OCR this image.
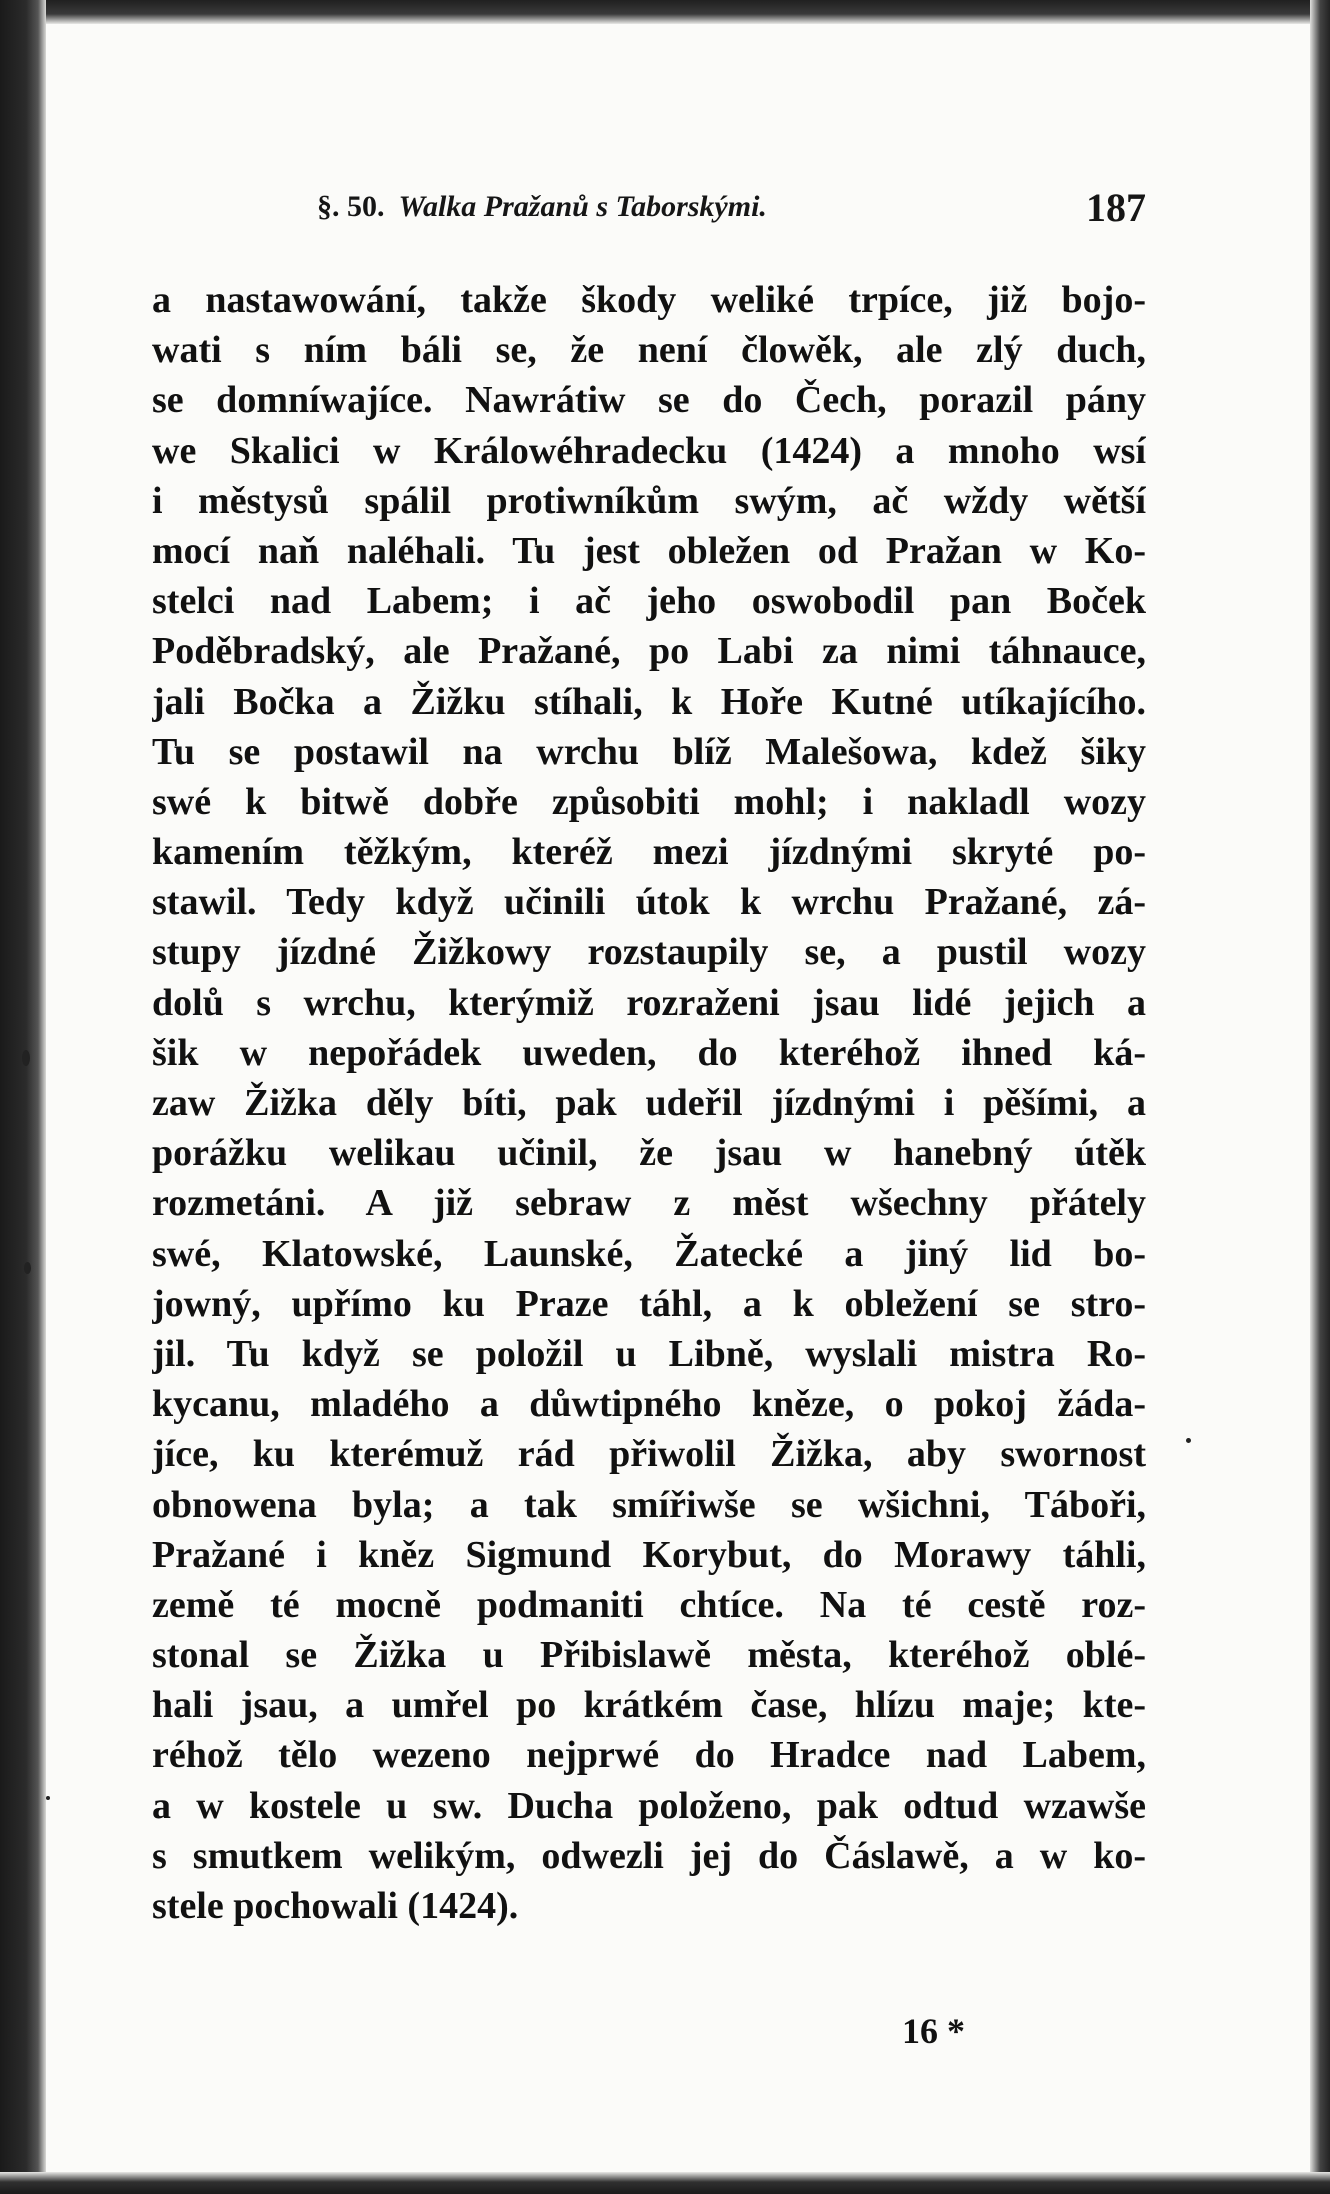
§. 50. Walka Pražanů s Taborskými.	187
a nastawowání, takže škody weliké trpíce, již bojo-
wati s ním báli se, že není člowěk, ale zlý duch,
se domníwajíce. Nawrátiw se do Čech, porazil pány
we Skalici w Králowéhradecku (1424) a mnoho wsí
i městysů spálil protiwníkům swým, ač wždy wětší
mocí naň naléhali. Tu jest obležen od Pražan w Ko-
stelci nad Labem; i ač jeho oswobodil pan Boček
Poděbradský, ale Pražané, po Labi za nimi táhnauce,
jali Bočka a Žižku stíhali, k Hoře Kutné utíkajícího.
Tu se postawil na wrchu blíž Malešowa, kdež šiky
swé k bitwě dobře způsobiti mohl; i nakladl wozy
kamením těžkým, kteréž mezi jízdnými skryté po-
stawil. Tedy když učinili útok k wrchu Pražané, zá-
stupy jízdné Žižkowy rozstaupily se, a pustil wozy
dolů s wrchu, kterýmiž rozraženi jsau lidé jejich a
šik w nepořádek uweden, do kteréhož ihned ká-
zaw Žižka děly bíti, pak udeřil jízdnými i pěšími, a
porážku welikau učinil, že jsau w hanebný útěk
rozmetáni. A již sebraw z měst wšechny přátely
swé, Klatowské, Launské, Žatecké a jiný lid bo-
jowný, upřímo ku Praze táhl, a k obležení se stro-
jil. Tu když se položil u Libně, wyslali mistra Ro-
kycanu, mladého a důwtipného kněze, o pokoj žáda-
jíce, ku kterémuž rád přiwolil Žižka, aby swornost
obnowena byla; a tak smířiwše se wšichni, Táboři,
Pražané i kněz Sigmund Korybut, do Morawy táhli,
země té mocně podmaniti chtíce. Na té cestě roz-
stonal se Žižka u Přibislawě města, kteréhož oblé-
hali jsau, a umřel po krátkém čase, hlízu maje; kte-
réhož tělo wezeno nejprwé do Hradce nad Labem,
a w kostele u sw. Ducha položeno, pak odtud wzawše
s smutkem welikým, odwezli jej do Čáslawě, a w ko-
stele pochowali (1424).
16 *
